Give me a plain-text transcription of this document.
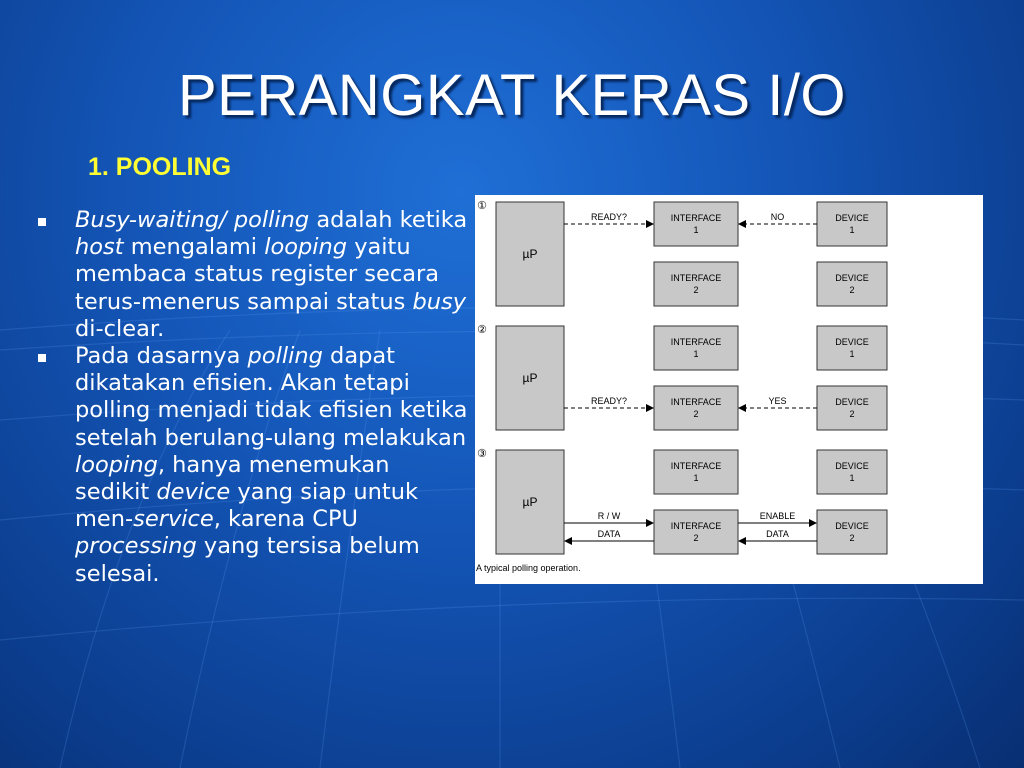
PERANGKAT KERAS I/O
1. POOLING
Busy-waiting/ polling adalah ketika host mengalami looping yaitu membaca status register secara terus-menerus sampai status busy di-clear.
Pada dasarnya polling dapat dikatakan efisien. Akan tetapi polling menjadi tidak efisien ketika setelah berulang-ulang melakukan looping, hanya menemukan sedikit device yang siap untuk men-service, karena CPU processing yang tersisa belum selesai.
①
µP
INTERFACE
1
INTERFACE
2
DEVICE
1
DEVICE
2
READY?	NO
②
µP
INTERFACE
1
INTERFACE
2
DEVICE
1
DEVICE
2
READY?	YES
③
µP
INTERFACE
1
INTERFACE
2
DEVICE
1
DEVICE
2
R / W
DATA
ENABLE
DATA
A typical polling operation.
